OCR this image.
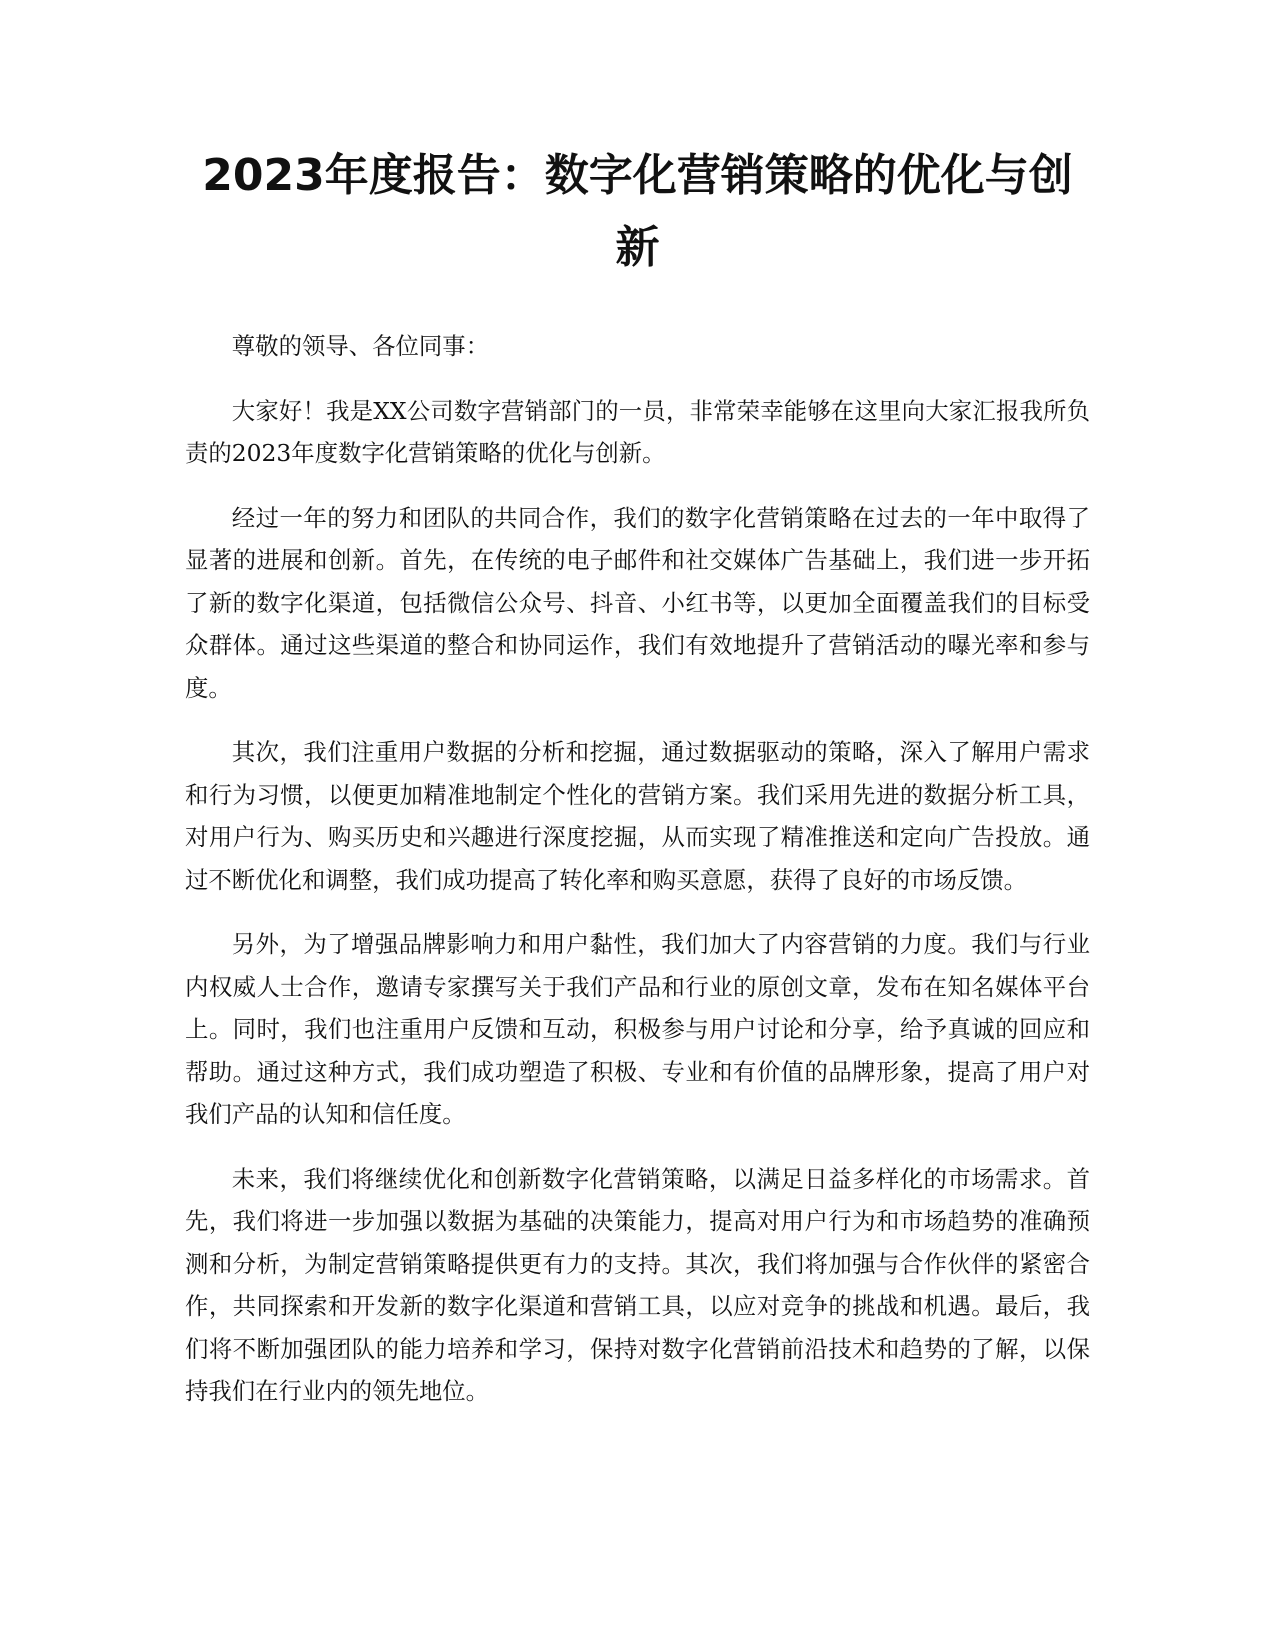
2023年度报告：数字化营销策略的优化与创新

尊敬的领导、各位同事：

大家好！我是XX公司数字营销部门的一员，非常荣幸能够在这里向大家汇报我所负责的2023年度数字化营销策略的优化与创新。

经过一年的努力和团队的共同合作，我们的数字化营销策略在过去的一年中取得了显著的进展和创新。首先，在传统的电子邮件和社交媒体广告基础上，我们进一步开拓了新的数字化渠道，包括微信公众号、抖音、小红书等，以更加全面覆盖我们的目标受众群体。通过这些渠道的整合和协同运作，我们有效地提升了营销活动的曝光率和参与度。

其次，我们注重用户数据的分析和挖掘，通过数据驱动的策略，深入了解用户需求和行为习惯，以便更加精准地制定个性化的营销方案。我们采用先进的数据分析工具，对用户行为、购买历史和兴趣进行深度挖掘，从而实现了精准推送和定向广告投放。通过不断优化和调整，我们成功提高了转化率和购买意愿，获得了良好的市场反馈。

另外，为了增强品牌影响力和用户黏性，我们加大了内容营销的力度。我们与行业内权威人士合作，邀请专家撰写关于我们产品和行业的原创文章，发布在知名媒体平台上。同时，我们也注重用户反馈和互动，积极参与用户讨论和分享，给予真诚的回应和帮助。通过这种方式，我们成功塑造了积极、专业和有价值的品牌形象，提高了用户对我们产品的认知和信任度。

未来，我们将继续优化和创新数字化营销策略，以满足日益多样化的市场需求。首先，我们将进一步加强以数据为基础的决策能力，提高对用户行为和市场趋势的准确预测和分析，为制定营销策略提供更有力的支持。其次，我们将加强与合作伙伴的紧密合作，共同探索和开发新的数字化渠道和营销工具，以应对竞争的挑战和机遇。最后，我们将不断加强团队的能力培养和学习，保持对数字化营销前沿技术和趋势的了解，以保持我们在行业内的领先地位。
